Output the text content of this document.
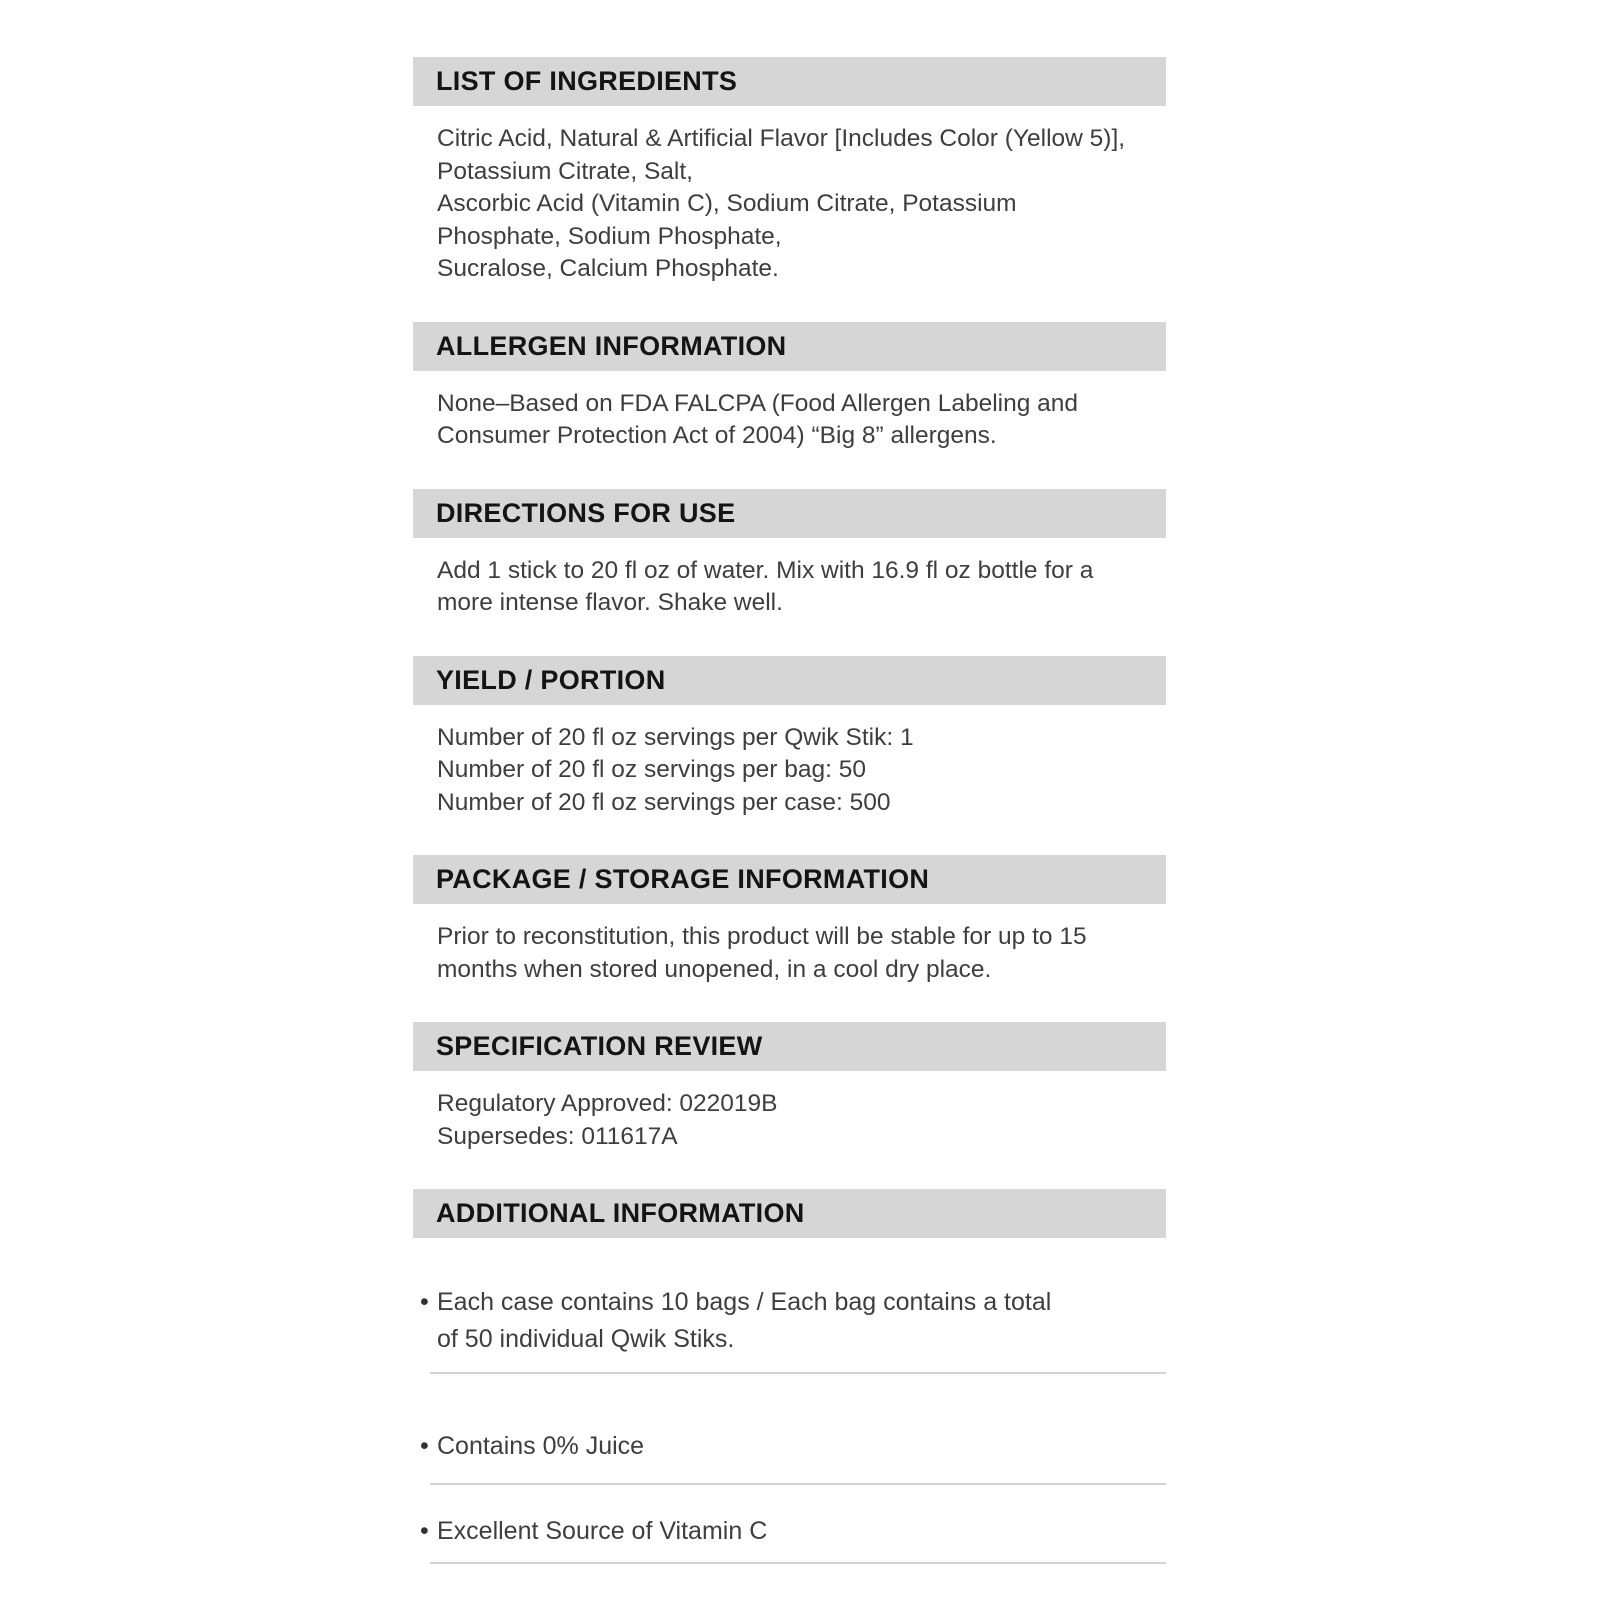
LIST OF INGREDIENTS
Citric Acid, Natural & Artificial Flavor [Includes Color (Yellow 5)],
Potassium Citrate, Salt,
Ascorbic Acid (Vitamin C), Sodium Citrate, Potassium
Phosphate, Sodium Phosphate,
Sucralose, Calcium Phosphate.
ALLERGEN INFORMATION
None–Based on FDA FALCPA (Food Allergen Labeling and
Consumer Protection Act of 2004) “Big 8” allergens.
DIRECTIONS FOR USE
Add 1 stick to 20 fl oz of water. Mix with 16.9 fl oz bottle for a
more intense flavor. Shake well.
YIELD / PORTION
Number of 20 fl oz servings per Qwik Stik: 1
Number of 20 fl oz servings per bag: 50
Number of 20 fl oz servings per case: 500
PACKAGE / STORAGE INFORMATION
Prior to reconstitution, this product will be stable for up to 15
months when stored unopened, in a cool dry place.
SPECIFICATION REVIEW
Regulatory Approved: 022019B
Supersedes: 011617A
ADDITIONAL INFORMATION
• Each case contains 10 bags / Each bag contains a total
of 50 individual Qwik Stiks.
• Contains 0% Juice
• Excellent Source of Vitamin C
